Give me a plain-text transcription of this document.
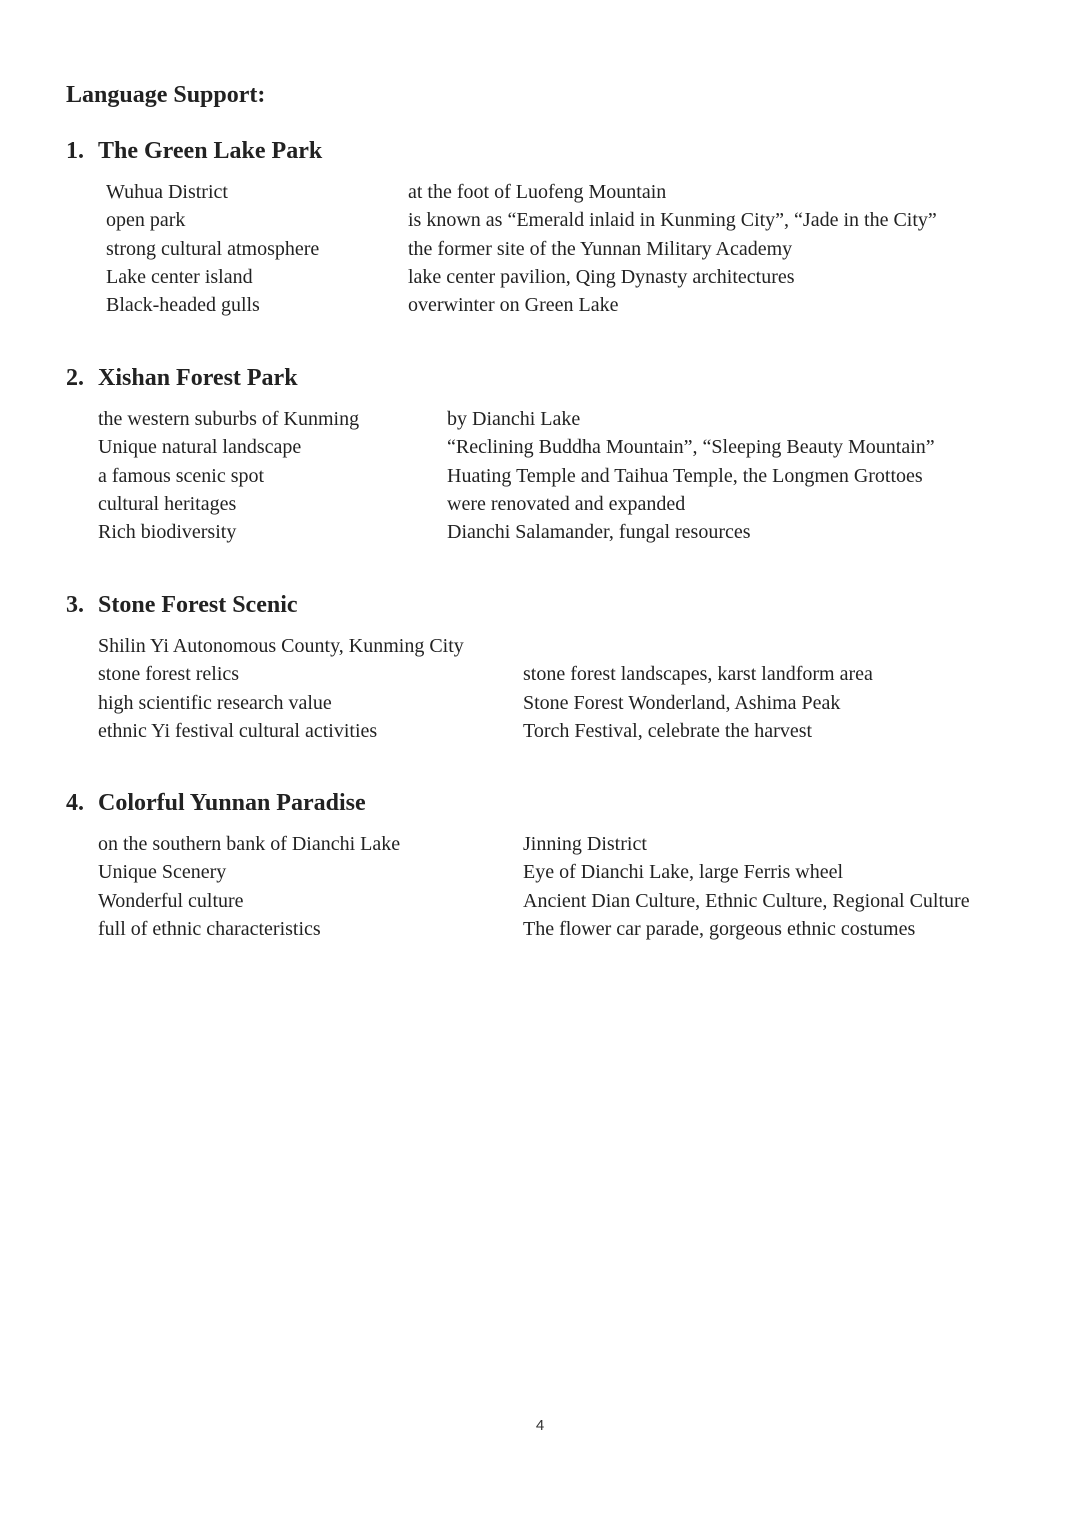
Language Support:
1. The Green Lake Park
Wuhua District	at the foot of Luofeng Mountain
open park	is known as “Emerald inlaid in Kunming City”, “Jade in the City”
strong cultural atmosphere	the former site of the Yunnan Military Academy
Lake center island	lake center pavilion, Qing Dynasty architectures
Black-headed gulls	overwinter on Green Lake
2. Xishan Forest Park
the western suburbs of Kunming	by Dianchi Lake
Unique natural landscape	“Reclining Buddha Mountain”, “Sleeping Beauty Mountain”
a famous scenic spot	Huating Temple and Taihua Temple, the Longmen Grottoes
cultural heritages	were renovated and expanded
Rich biodiversity	Dianchi Salamander, fungal resources
3. Stone Forest Scenic
Shilin Yi Autonomous County, Kunming City
stone forest relics	stone forest landscapes, karst landform area
high scientific research value	Stone Forest Wonderland, Ashima Peak
ethnic Yi festival cultural activities	Torch Festival, celebrate the harvest
4. Colorful Yunnan Paradise
on the southern bank of Dianchi Lake	Jinning District
Unique Scenery	Eye of Dianchi Lake, large Ferris wheel
Wonderful culture	Ancient Dian Culture, Ethnic Culture, Regional Culture
full of ethnic characteristics	The flower car parade, gorgeous ethnic costumes
4
